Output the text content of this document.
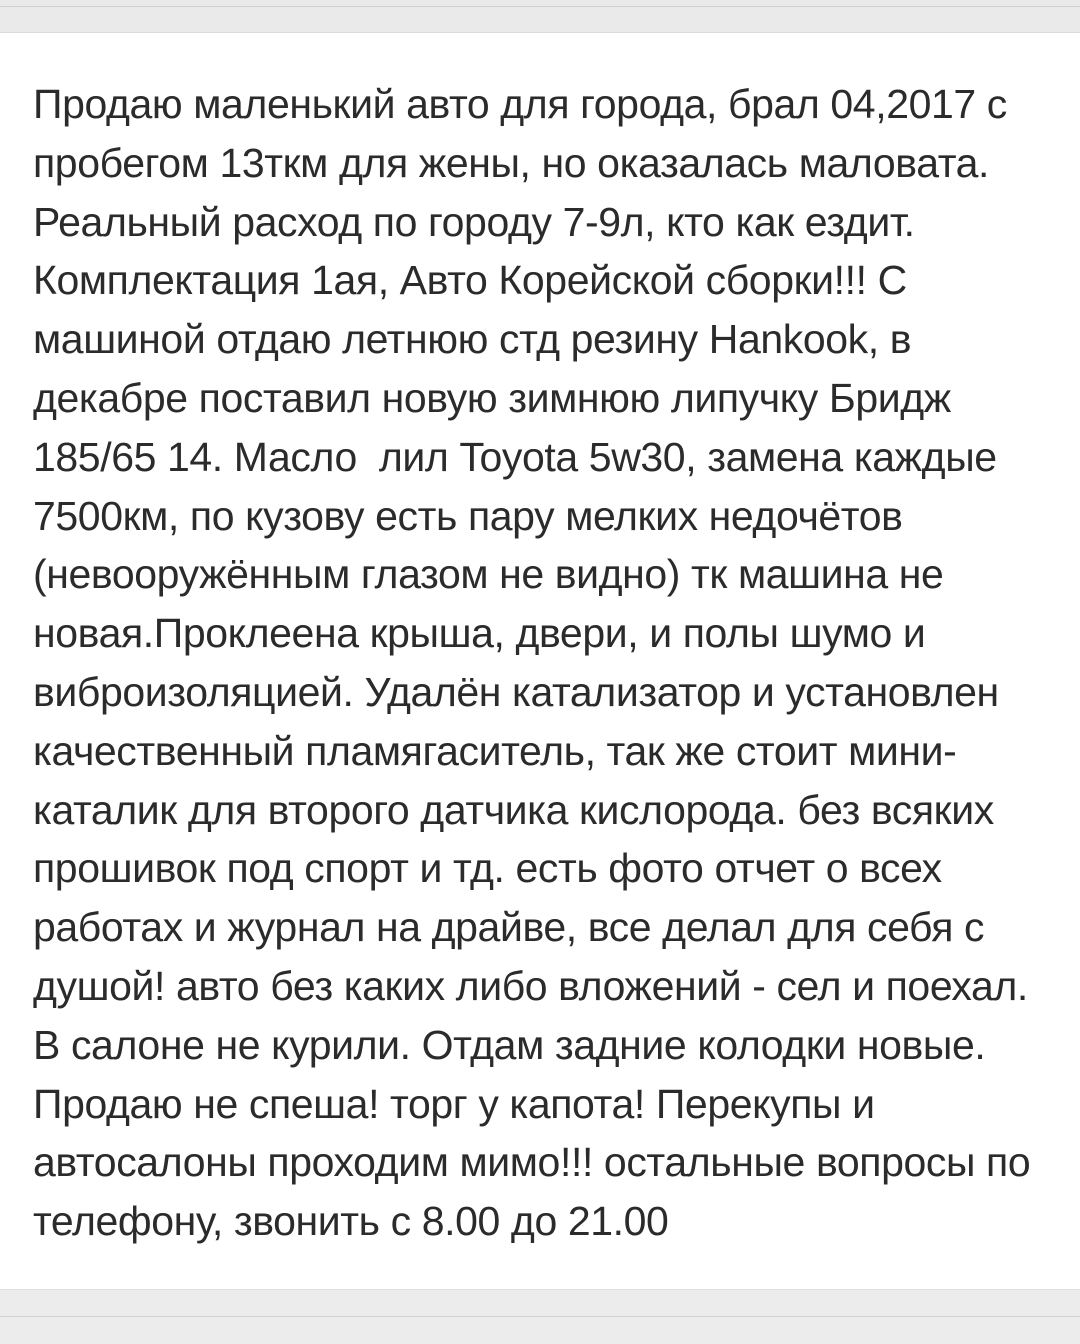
Продаю маленький авто для города, брал 04,2017 с
пробегом 13ткм для жены, но оказалась маловата.
Реальный расход по городу 7-9л, кто как ездит.
Комплектация 1ая, Авто Корейской сборки!!! С
машиной отдаю летнюю стд резину Hankook, в
декабре поставил новую зимнюю липучку Бридж
185/65 14. Масло  лил Toyota 5w30, замена каждые
7500км, по кузову есть пару мелких недочётов
(невооружённым глазом не видно) тк машина не
новая.Проклеена крыша, двери, и полы шумо и
виброизоляцией. Удалён катализатор и установлен
качественный пламягаситель, так же стоит мини-
каталик для второго датчика кислорода. без всяких
прошивок под спорт и тд. есть фото отчет о всех
работах и журнал на драйве, все делал для себя с
душой! авто без каких либо вложений - сел и поехал.
В салоне не курили. Отдам задние колодки новые.
Продаю не спеша! торг у капота! Перекупы и
автосалоны проходим мимо!!! остальные вопросы по
телефону, звонить с 8.00 до 21.00
